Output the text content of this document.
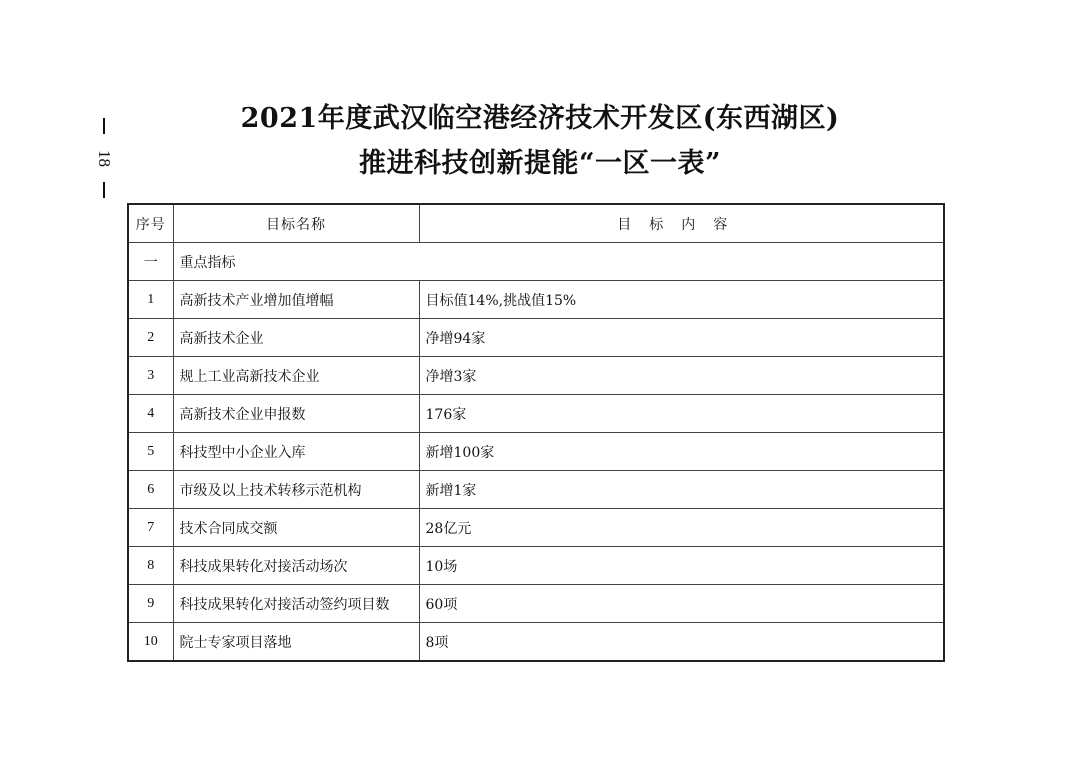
18
2021年度武汉临空港经济技术开发区(东西湖区)
推进科技创新提能“一区一表”
序号	目标名称	目标内容
一	重点指标	
1	高新技术产业增加值增幅	目标值14%,挑战值15%
2	高新技术企业	净增94家
3	规上工业高新技术企业	净增3家
4	高新技术企业申报数	176家
5	科技型中小企业入库	新增100家
6	市级及以上技术转移示范机构	新增1家
7	技术合同成交额	28亿元
8	科技成果转化对接活动场次	10场
9	科技成果转化对接活动签约项目数	60项
10	院士专家项目落地	8项
